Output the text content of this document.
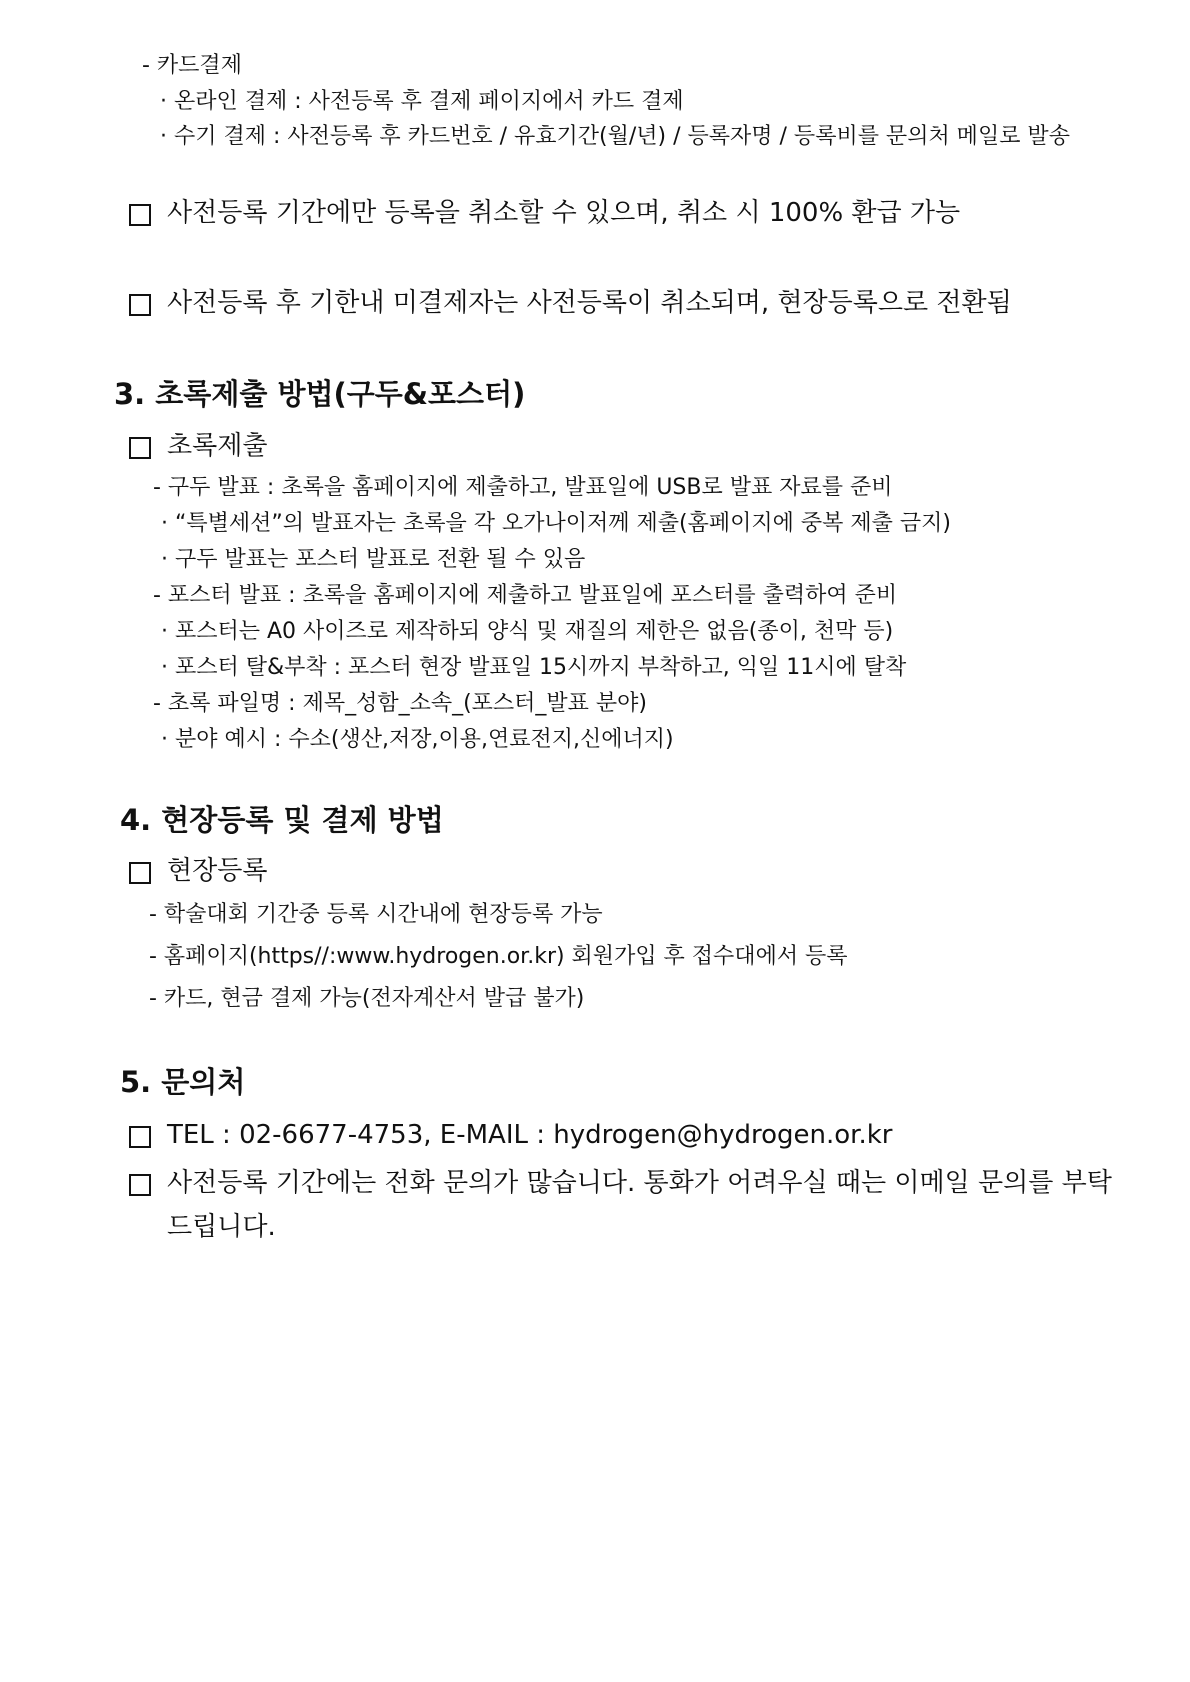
- 카드결제
· 온라인 결제 : 사전등록 후 결제 페이지에서 카드 결제
· 수기 결제 : 사전등록 후 카드번호 / 유효기간(월/년) / 등록자명 / 등록비를 문의처 메일로 발송
사전등록 기간에만 등록을 취소할 수 있으며, 취소 시 100% 환급 가능
사전등록 후 기한내 미결제자는 사전등록이 취소되며, 현장등록으로 전환됨
3. 초록제출 방법(구두&포스터)
초록제출
- 구두 발표 : 초록을 홈페이지에 제출하고, 발표일에 USB로 발표 자료를 준비
· “특별세션”의 발표자는 초록을 각 오가나이저께 제출(홈페이지에 중복 제출 금지)
· 구두 발표는 포스터 발표로 전환 될 수 있음
- 포스터 발표 : 초록을 홈페이지에 제출하고 발표일에 포스터를 출력하여 준비
· 포스터는 A0 사이즈로 제작하되 양식 및 재질의 제한은 없음(종이, 천막 등)
· 포스터 탈&부착 : 포스터 현장 발표일 15시까지 부착하고, 익일 11시에 탈착
- 초록 파일명 : 제목_성함_소속_(포스터_발표 분야)
· 분야 예시 : 수소(생산,저장,이용,연료전지,신에너지)
4. 현장등록 및 결제 방법
현장등록
- 학술대회 기간중 등록 시간내에 현장등록 가능
- 홈페이지(https//:www.hydrogen.or.kr) 회원가입 후 접수대에서 등록
- 카드, 현금 결제 가능(전자계산서 발급 불가)
5. 문의처
TEL : 02-6677-4753, E-MAIL : hydrogen@hydrogen.or.kr
사전등록 기간에는 전화 문의가 많습니다. 통화가 어려우실 때는 이메일 문의를 부탁
드립니다.
